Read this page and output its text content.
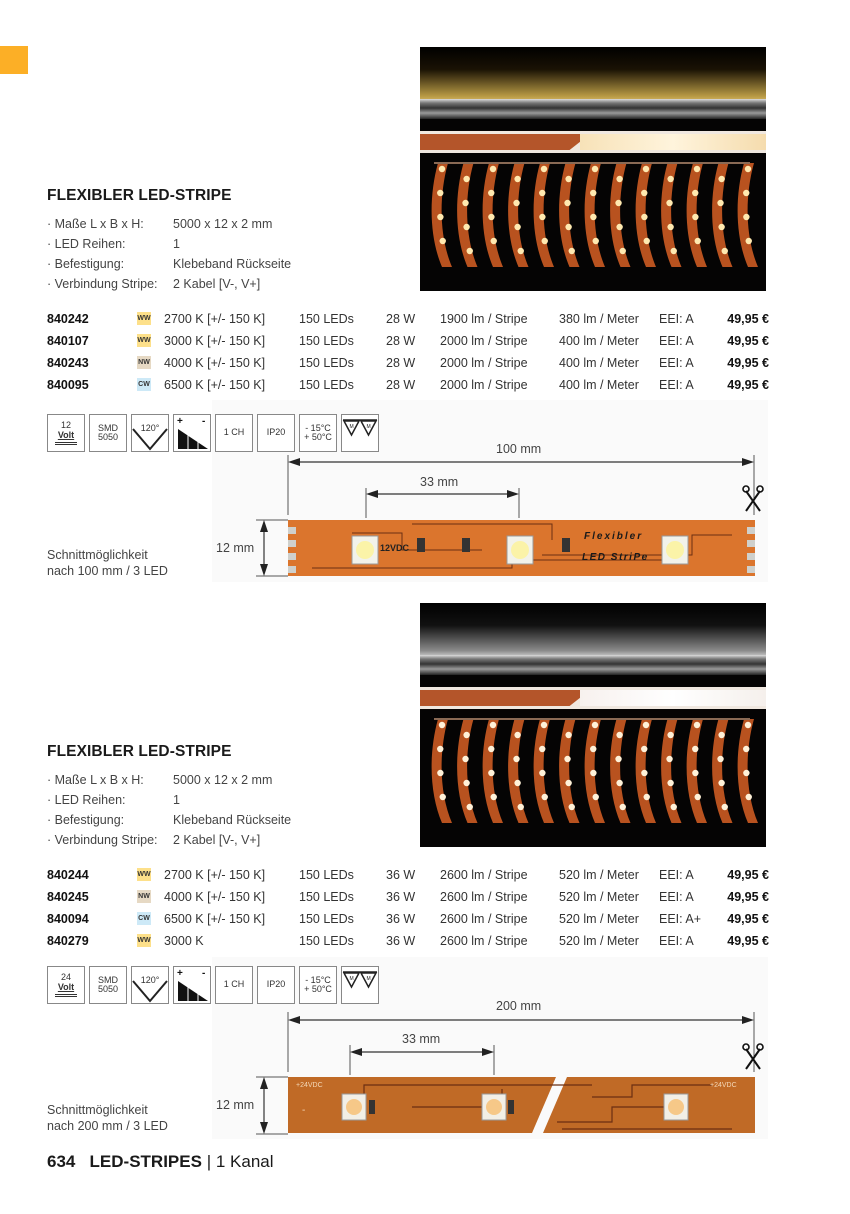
FLEXIBLER LED-STRIPE
· Maße L x B x H:	5000 x 12 x 2 mm
· LED Reihen:	1
· Befestigung:	Klebeband Rückseite
· Verbindung Stripe:	2 Kabel [V-, V+]
840242	WW 2700 K [+/- 150 K]	150 LEDs	28 W 1900 lm / Stripe	380 lm / Meter EEI: A	49,95 €
840107	WW 3000 K [+/- 150 K]	150 LEDs	28 W 2000 lm / Stripe	400 lm / Meter EEI: A	49,95 €
840243	NW 4000 K [+/- 150 K]	150 LEDs	28 W 2000 lm / Stripe	400 lm / Meter EEI: A	49,95 €
840095	CW 6500 K [+/- 150 K]	150 LEDs	28 W 2000 lm / Stripe	400 lm / Meter EEI: A	49,95 €
100 mm
33 mm
12 mm	12VDC
Flexibler
LED StriPe
12
Volt
SMD
5050
120°
+ -
1 CH IP20 - 15°C
+ 50°C
M	M
Schnittmöglichkeit
nach 100 mm / 3 LED
FLEXIBLER LED-STRIPE
· Maße L x B x H:	5000 x 12 x 2 mm
· LED Reihen:	1
· Befestigung:	Klebeband Rückseite
· Verbindung Stripe:	2 Kabel [V-, V+]
840244	WW 2700 K [+/- 150 K]	150 LEDs	36 W 2600 lm / Stripe	520 lm / Meter EEI: A	49,95 €
840245	NW 4000 K [+/- 150 K]	150 LEDs	36 W 2600 lm / Stripe	520 lm / Meter EEI: A	49,95 €
840094	CW 6500 K [+/- 150 K]	150 LEDs	36 W 2600 lm / Stripe	520 lm / Meter EEI: A+ 49,95 €
840279	WW 3000 K	150 LEDs	36 W 2600 lm / Stripe	520 lm / Meter EEI: A	49,95 €
200 mm
33 mm
12 mm
+24VDC	+24VDC
-
24
Volt
SMD
5050
120°
+ -
1 CH IP20 - 15°C
+ 50°C
M	M
Schnittmöglichkeit
nach 200 mm / 3 LED
634 LED-STRIPES | 1 Kanal
